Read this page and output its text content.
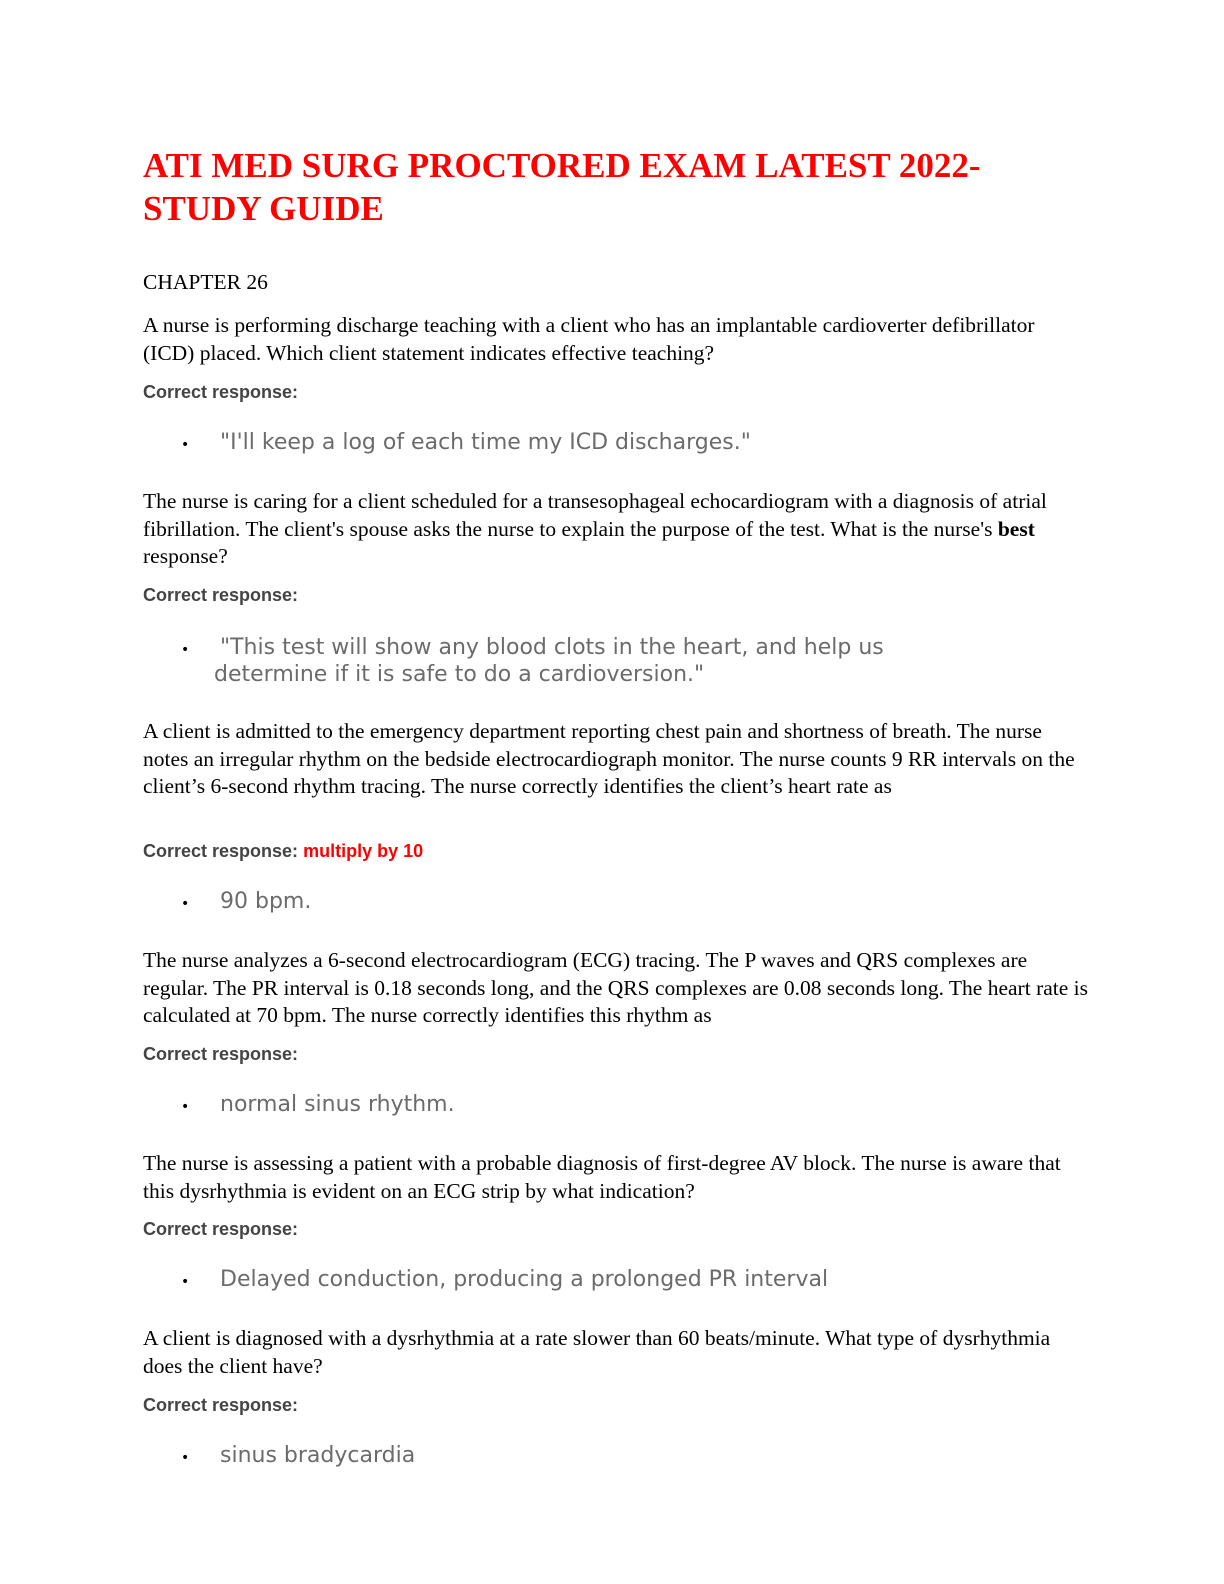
ATI MED SURG PROCTORED EXAM LATEST 2022-
STUDY GUIDE

CHAPTER 26

A nurse is performing discharge teaching with a client who has an implantable cardioverter defibrillator (ICD) placed. Which client statement indicates effective teaching?

Correct response:

• "I'll keep a log of each time my ICD discharges."

The nurse is caring for a client scheduled for a transesophageal echocardiogram with a diagnosis of atrial fibrillation. The client's spouse asks the nurse to explain the purpose of the test. What is the nurse's best response?

Correct response:

• "This test will show any blood clots in the heart, and help us determine if it is safe to do a cardioversion."

A client is admitted to the emergency department reporting chest pain and shortness of breath. The nurse notes an irregular rhythm on the bedside electrocardiograph monitor. The nurse counts 9 RR intervals on the client’s 6-second rhythm tracing. The nurse correctly identifies the client’s heart rate as

Correct response: multiply by 10

• 90 bpm.

The nurse analyzes a 6-second electrocardiogram (ECG) tracing. The P waves and QRS complexes are regular. The PR interval is 0.18 seconds long, and the QRS complexes are 0.08 seconds long. The heart rate is calculated at 70 bpm. The nurse correctly identifies this rhythm as

Correct response:

• normal sinus rhythm.

The nurse is assessing a patient with a probable diagnosis of first-degree AV block. The nurse is aware that this dysrhythmia is evident on an ECG strip by what indication?

Correct response:

• Delayed conduction, producing a prolonged PR interval

A client is diagnosed with a dysrhythmia at a rate slower than 60 beats/minute. What type of dysrhythmia does the client have?

Correct response:

• sinus bradycardia
